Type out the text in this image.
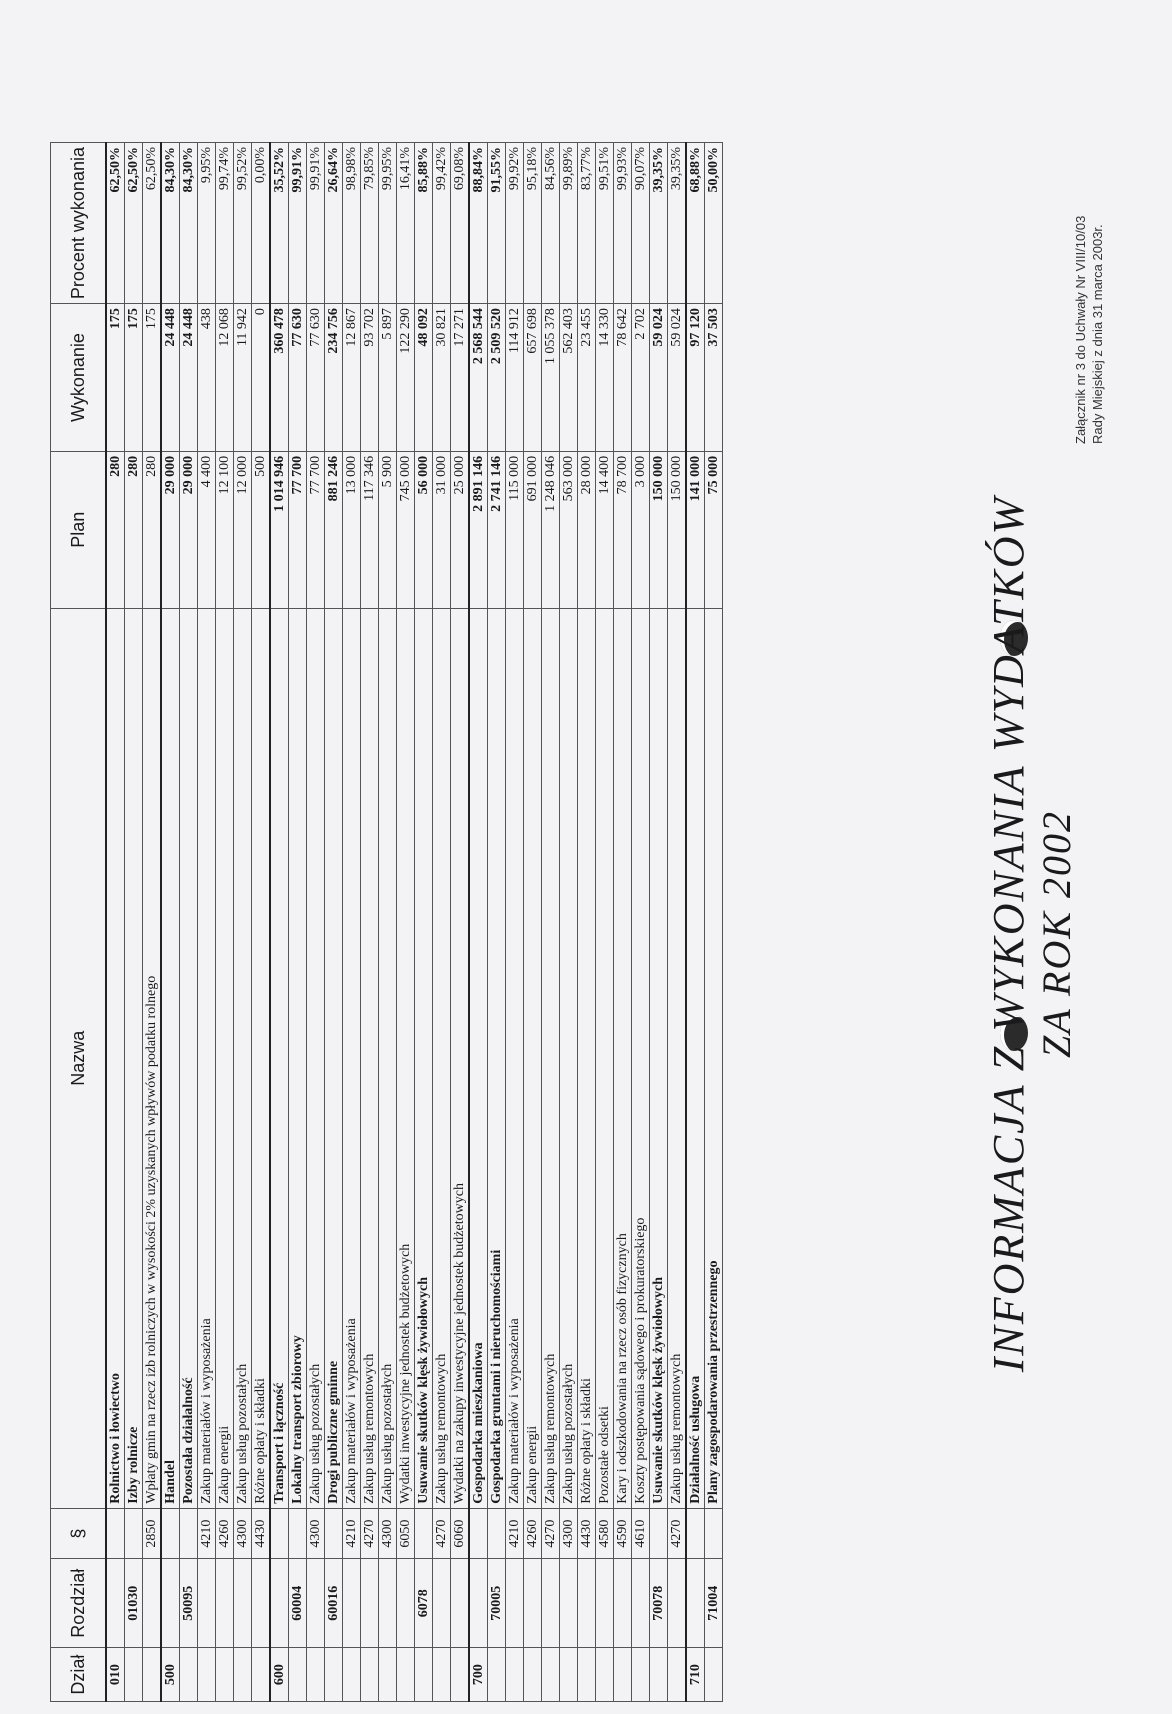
Dział	Rozdział	§	Nazwa	Plan	Wykonanie	Procent wykonania
010			Rolnictwo i łowiectwo	280	175	62,50%
	01030		Izby rolnicze	280	175	62,50%
		2850	Wpłaty gmin na rzecz izb rolniczych w wysokości 2% uzyskanych wpływów podatku rolnego	280	175	62,50%
500			Handel	29 000	24 448	84,30%
	50095		Pozostała działalność	29 000	24 448	84,30%
		4210	Zakup materiałów i wyposażenia	4 400	438	9,95%
		4260	Zakup energii	12 100	12 068	99,74%
		4300	Zakup usług pozostałych	12 000	11 942	99,52%
		4430	Różne opłaty i składki	500	0	0,00%
600			Transport i łączność	1 014 946	360 478	35,52%
	60004		Lokalny transport zbiorowy	77 700	77 630	99,91%
		4300	Zakup usług pozostałych	77 700	77 630	99,91%
	60016		Drogi publiczne gminne	881 246	234 756	26,64%
		4210	Zakup materiałów i wyposażenia	13 000	12 867	98,98%
		4270	Zakup usług remontowych	117 346	93 702	79,85%
		4300	Zakup usług pozostałych	5 900	5 897	99,95%
		6050	Wydatki inwestycyjne jednostek budżetowych	745 000	122 290	16,41%
	6078		Usuwanie skutków klęsk żywiołowych	56 000	48 092	85,88%
		4270	Zakup usług remontowych	31 000	30 821	99,42%
		6060	Wydatki na zakupy inwestycyjne jednostek budżetowych	25 000	17 271	69,08%
700			Gospodarka mieszkaniowa	2 891 146	2 568 544	88,84%
	70005		Gospodarka gruntami i nieruchomościami	2 741 146	2 509 520	91,55%
		4210	Zakup materiałów i wyposażenia	115 000	114 912	99,92%
		4260	Zakup energii	691 000	657 698	95,18%
		4270	Zakup usług remontowych	1 248 046	1 055 378	84,56%
		4300	Zakup usług pozostałych	563 000	562 403	99,89%
		4430	Różne opłaty i składki	28 000	23 455	83,77%
		4580	Pozostałe odsetki	14 400	14 330	99,51%
		4590	Kary i odszkodowania na rzecz osób fizycznych	78 700	78 642	99,93%
		4610	Koszty postępowania sądowego i prokuratorskiego	3 000	2 702	90,07%
	70078		Usuwanie skutków klęsk żywiołowych	150 000	59 024	39,35%
		4270	Zakup usług remontowych	150 000	59 024	39,35%
710			Działalność usługowa	141 000	97 120	68,88%
	71004		Plany zagospodarowania przestrzennego	75 000	37 503	50,00%
INFORMACJA Z WYKONANIA WYDATKÓW ZA ROK 2002
Załącznik nr 3 do Uchwały Nr VIII/10/03 Rady Miejskiej z dnia 31 marca 2003r.
